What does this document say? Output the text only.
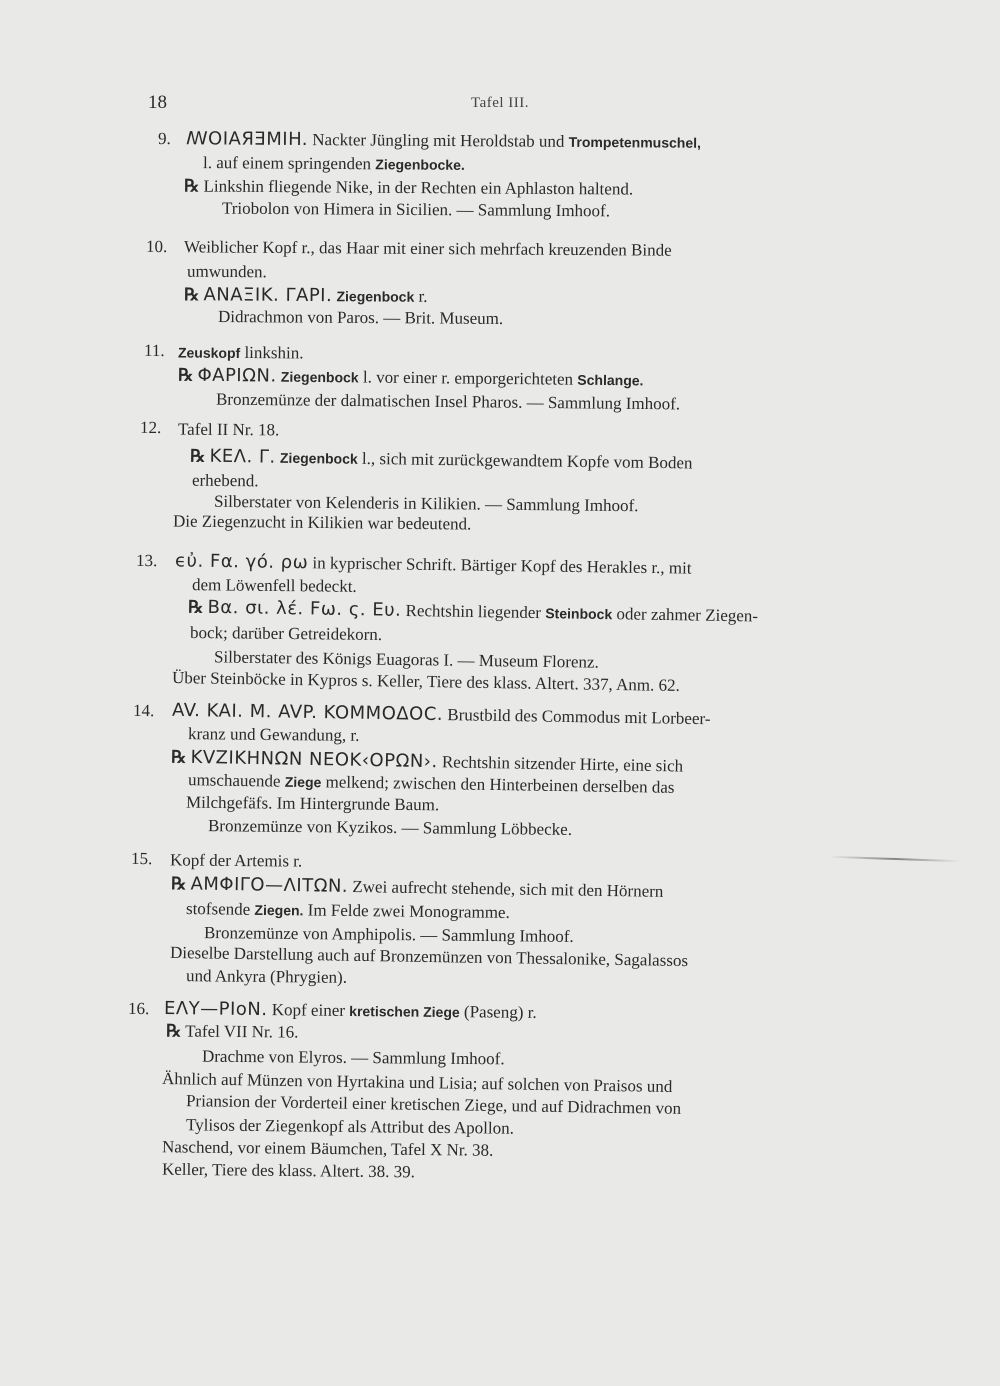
18	Tafel III.
9. ꟿOIAЯƎMIH. Nackter Jüngling mit Heroldstab und Trompetenmuschel,
l. auf einem springenden Ziegenbocke.
℞ Linkshin fliegende Nike, in der Rechten ein Aphlaston haltend.
Triobolon von Himera in Sicilien. — Sammlung Imhoof.
10. Weiblicher Kopf r., das Haar mit einer sich mehrfach kreuzenden Binde
umwunden.
℞ ANAΞIK. ΓAPI. Ziegenbock r.
Didrachmon von Paros. — Brit. Museum.
11. Zeuskopf linkshin.
℞ ΦAPIΩN. Ziegenbock l. vor einer r. emporgerichteten Schlange.
Bronzemünze der dalmatischen Insel Pharos. — Sammlung Imhoof.
12. Tafel II Nr. 18.
℞ KEΛ. Γ. Ziegenbock l., sich mit zurückgewandtem Kopfe vom Boden
erhebend.
Silberstater von Kelenderis in Kilikien. — Sammlung Imhoof.
Die Ziegenzucht in Kilikien war bedeutend.
13. ϵὐ. Fα. γό. ρω in kyprischer Schrift. Bärtiger Kopf des Herakles r., mit
dem Löwenfell bedeckt.
℞ Bα. σι. λέ. Fω. ς. Eυ. Rechtshin liegender Steinbock oder zahmer Ziegen-
bock; darüber Getreidekorn.
Silberstater des Königs Euagoras I. — Museum Florenz.
Über Steinböcke in Kypros s. Keller, Tiere des klass. Altert. 337, Anm. 62.
14. AV. KAI. M. AVP. KOMMOΔOC. Brustbild des Commodus mit Lorbeer-
kranz und Gewandung, r.
℞ KVZIKHNΩN NEOK‹OPΩN›. Rechtshin sitzender Hirte, eine sich
umschauende Ziege melkend; zwischen den Hinterbeinen derselben das
Milchgefäfs. Im Hintergrunde Baum.
Bronzemünze von Kyzikos. — Sammlung Löbbecke.
15. Kopf der Artemis r.
℞ AMΦIΓO—ΛITΩN. Zwei aufrecht stehende, sich mit den Hörnern
stofsende Ziegen. Im Felde zwei Monogramme.
Bronzemünze von Amphipolis. — Sammlung Imhoof.
Dieselbe Darstellung auch auf Bronzemünzen von Thessalonike, Sagalassos
und Ankyra (Phrygien).
16. EΛY—PIoN. Kopf einer kretischen Ziege (Paseng) r.
℞ Tafel VII Nr. 16.
Drachme von Elyros. — Sammlung Imhoof.
Ähnlich auf Münzen von Hyrtakina und Lisia; auf solchen von Praisos und
Priansion der Vorderteil einer kretischen Ziege, und auf Didrachmen von
Tylisos der Ziegenkopf als Attribut des Apollon.
Naschend, vor einem Bäumchen, Tafel X Nr. 38.
Keller, Tiere des klass. Altert. 38. 39.
